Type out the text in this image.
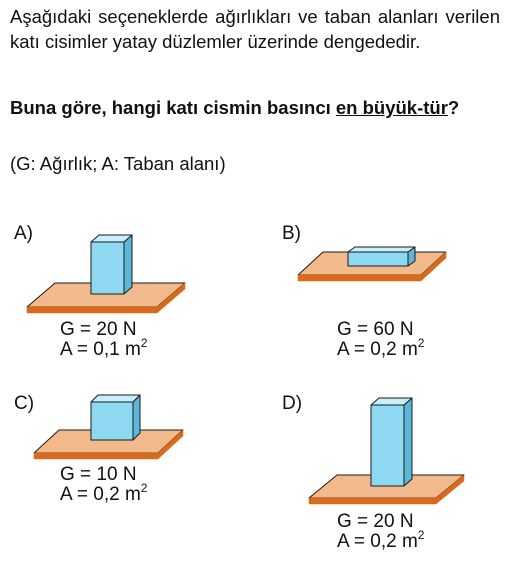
Aşağıdaki seçeneklerde ağırlıkları ve taban alanları verilen katı cisimler yatay düzlemler üzerinde dengededir.

Buna göre, hangi katı cismin basıncı en büyük-tür?

(G: Ağırlık; A: Taban alanı)

A)
G = 20 N
A = 0,1 $m^2$
B)
G = 60 N
A = 0,2 $m^2$
C)
G = 10 N
A = 0,2 $m^2$
D)
G = 20 N
A = 0,2 $m^2$
